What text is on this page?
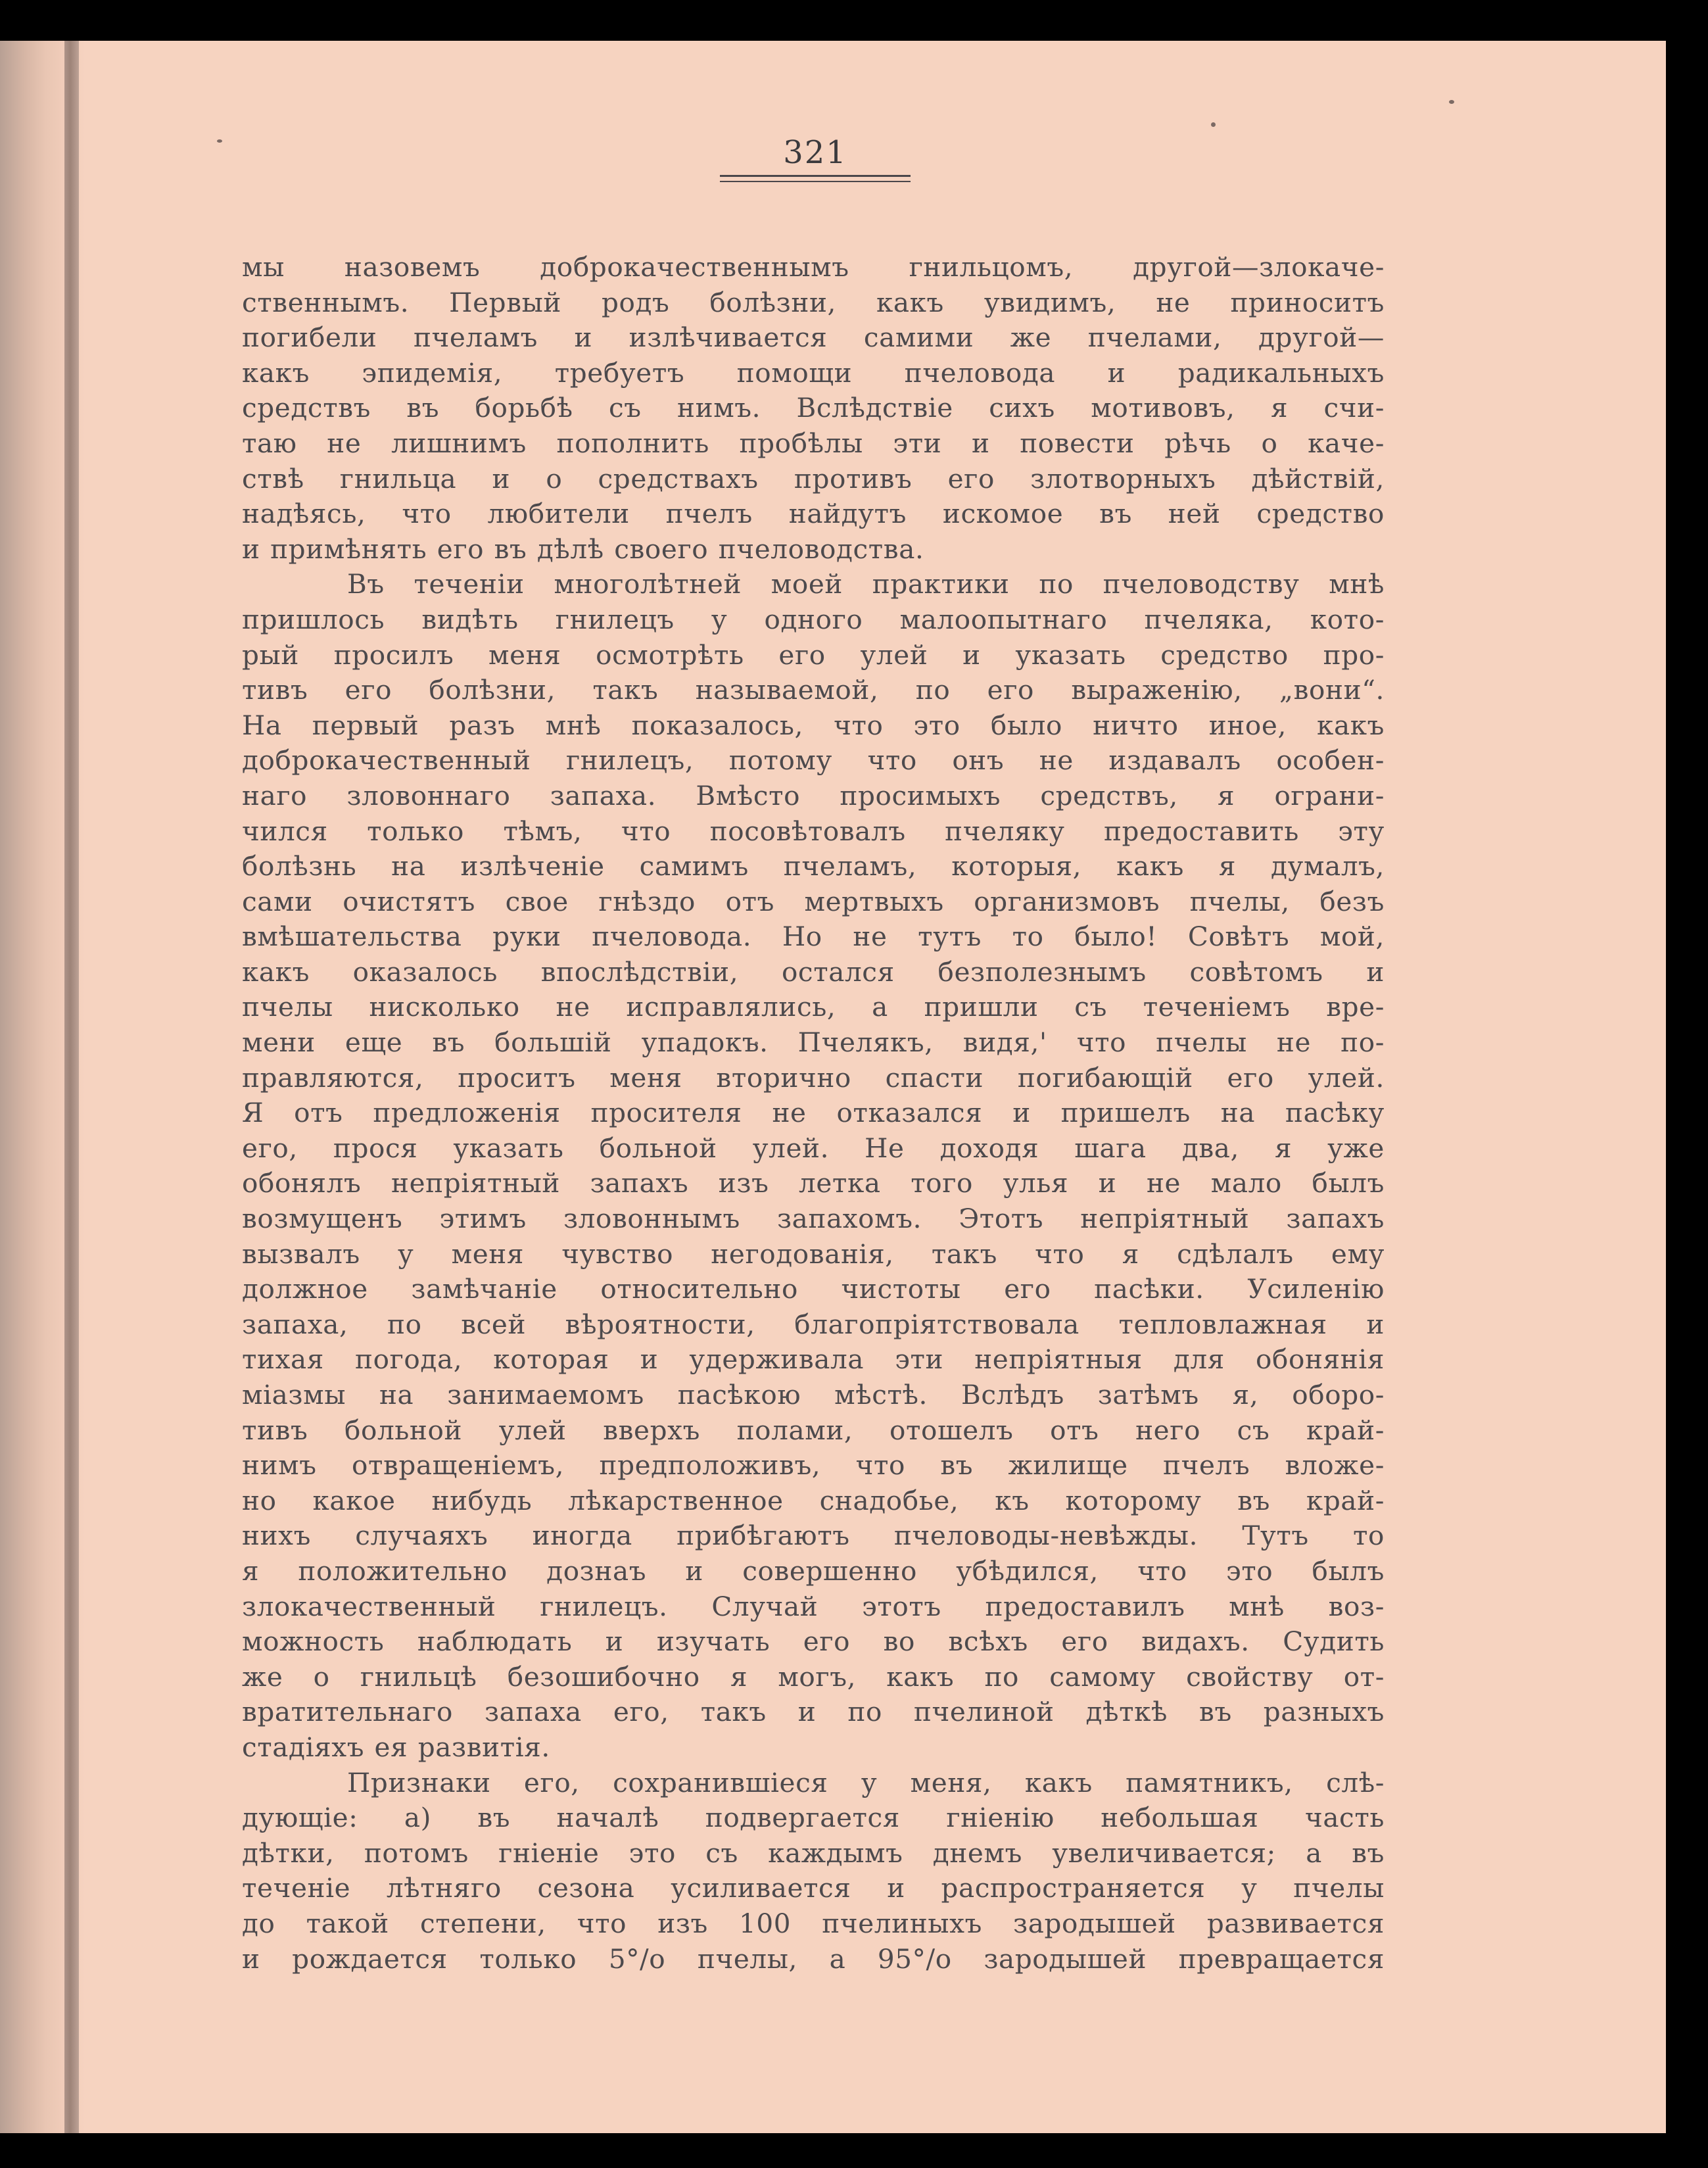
321
мы назовемъ доброкачественнымъ гнильцомъ, другой—злокаче-
ственнымъ. Первый родъ болѣзни, какъ увидимъ, не приноситъ
погибели пчеламъ и излѣчивается самими же пчелами, другой—
какъ эпидемія, требуетъ помощи пчеловода и радикальныхъ
средствъ въ борьбѣ съ нимъ. Вслѣдствіе сихъ мотивовъ, я счи-
таю не лишнимъ пополнить пробѣлы эти и повести рѣчь о каче-
ствѣ гнильца и о средствахъ противъ его злотворныхъ дѣйствій,
надѣясь, что любители пчелъ найдутъ искомое въ ней средство
и примѣнять его въ дѣлѣ своего пчеловодства.
Въ теченіи многолѣтней моей практики по пчеловодству мнѣ
пришлось видѣть гнилецъ у одного малоопытнаго пчеляка, кото-
рый просилъ меня осмотрѣть его улей и указать средство про-
тивъ его болѣзни, такъ называемой, по его выраженію, „вони“.
На первый разъ мнѣ показалось, что это было ничто иное, какъ
доброкачественный гнилецъ, потому что онъ не издавалъ особен-
наго зловоннаго запаха. Вмѣсто просимыхъ средствъ, я ограни-
чился только тѣмъ, что посовѣтовалъ пчеляку предоставить эту
болѣзнь на излѣченіе самимъ пчеламъ, которыя, какъ я думалъ,
сами очистятъ свое гнѣздо отъ мертвыхъ организмовъ пчелы, безъ
вмѣшательства руки пчеловода. Но не тутъ то было! Совѣтъ мой,
какъ оказалось впослѣдствіи, остался безполезнымъ совѣтомъ и
пчелы нисколько не исправлялись, а пришли съ теченіемъ вре-
мени еще въ большій упадокъ. Пчелякъ, видя,' что пчелы не по-
правляются, проситъ меня вторично спасти погибающій его улей.
Я отъ предложенія просителя не отказался и пришелъ на пасѣку
его, прося указать больной улей. Не доходя шага два, я уже
обонялъ непріятный запахъ изъ летка того улья и не мало былъ
возмущенъ этимъ зловоннымъ запахомъ. Этотъ непріятный запахъ
вызвалъ у меня чувство негодованія, такъ что я сдѣлалъ ему
должное замѣчаніе относительно чистоты его пасѣки. Усиленію
запаха, по всей вѣроятности, благопріятствовала тепловлажная и
тихая погода, которая и удерживала эти непріятныя для обонянія
міазмы на занимаемомъ пасѣкою мѣстѣ. Вслѣдъ затѣмъ я, оборо-
тивъ больной улей вверхъ полами, отошелъ отъ него съ край-
нимъ отвращеніемъ, предположивъ, что въ жилище пчелъ вложе-
но какое нибудь лѣкарственное снадобье, къ которому въ край-
нихъ случаяхъ иногда прибѣгаютъ пчеловоды-невѣжды. Тутъ то
я положительно дознаъ и совершенно убѣдился, что это былъ
злокачественный гнилецъ. Случай этотъ предоставилъ мнѣ воз-
можность наблюдать и изучать его во всѣхъ его видахъ. Судить
же о гнильцѣ безошибочно я могъ, какъ по самому свойству от-
вратительнаго запаха его, такъ и по пчелиной дѣткѣ въ разныхъ
стадіяхъ ея развитія.
Признаки его, сохранившіеся у меня, какъ памятникъ, слѣ-
дующіе: а) въ началѣ подвергается гніенію небольшая часть
дѣтки, потомъ гніеніе это съ каждымъ днемъ увеличивается; а въ
теченіе лѣтняго сезона усиливается и распространяется у пчелы
до такой степени, что изъ 100 пчелиныхъ зародышей развивается
и рождается только 5°/о пчелы, а 95°/о зародышей превращается
